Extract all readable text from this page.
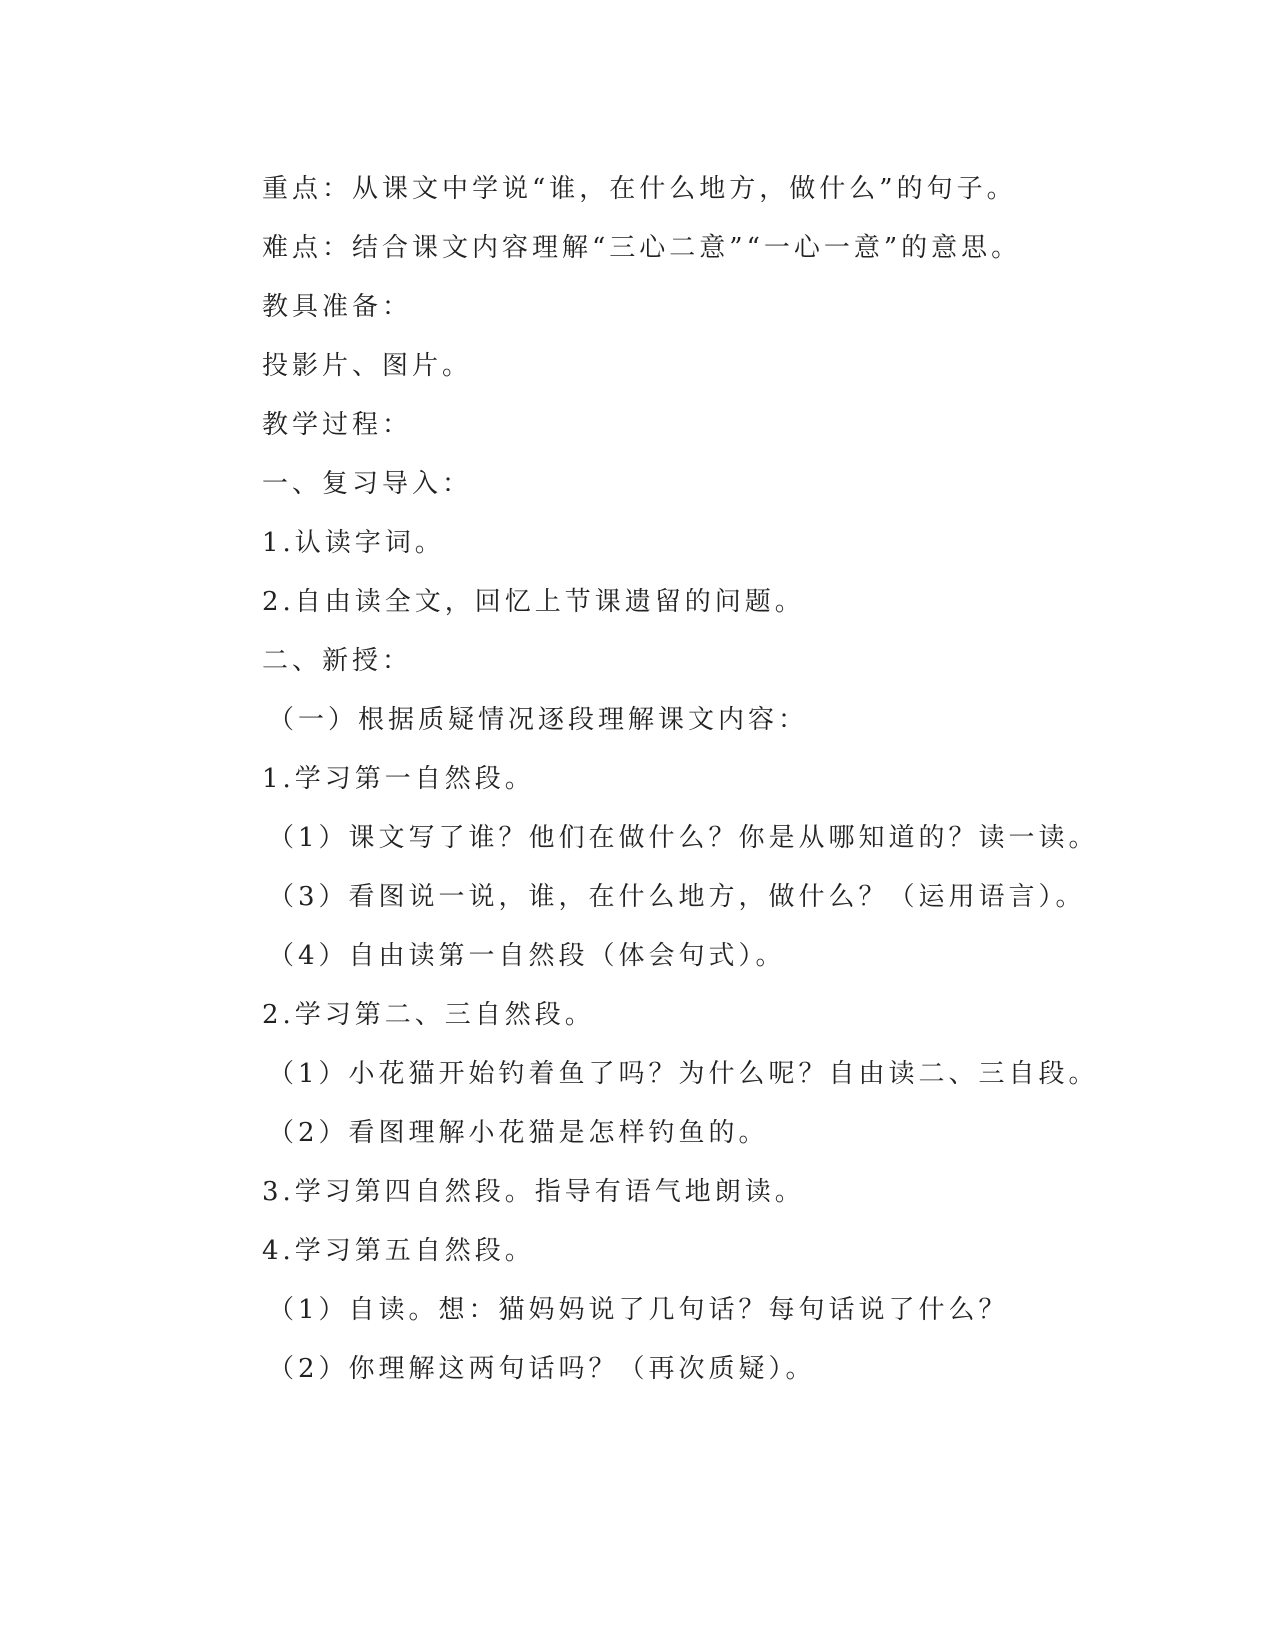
重点：从课文中学说“谁，在什么地方，做什么”的句子。
难点：结合课文内容理解“三心二意”“一心一意”的意思。
教具准备：
投影片、图片。
教学过程：
一、复习导入：
1.认读字词。
2.自由读全文，回忆上节课遗留的问题。
二、新授：
（一）根据质疑情况逐段理解课文内容：
1.学习第一自然段。
（1）课文写了谁？他们在做什么？你是从哪知道的？读一读。
（3）看图说一说，谁，在什么地方，做什么？（运用语言）。
（4）自由读第一自然段（体会句式）。
2.学习第二、三自然段。
（1）小花猫开始钓着鱼了吗？为什么呢？自由读二、三自段。
（2）看图理解小花猫是怎样钓鱼的。
3.学习第四自然段。指导有语气地朗读。
4.学习第五自然段。
（1）自读。想：猫妈妈说了几句话？每句话说了什么？
（2）你理解这两句话吗？（再次质疑）。
